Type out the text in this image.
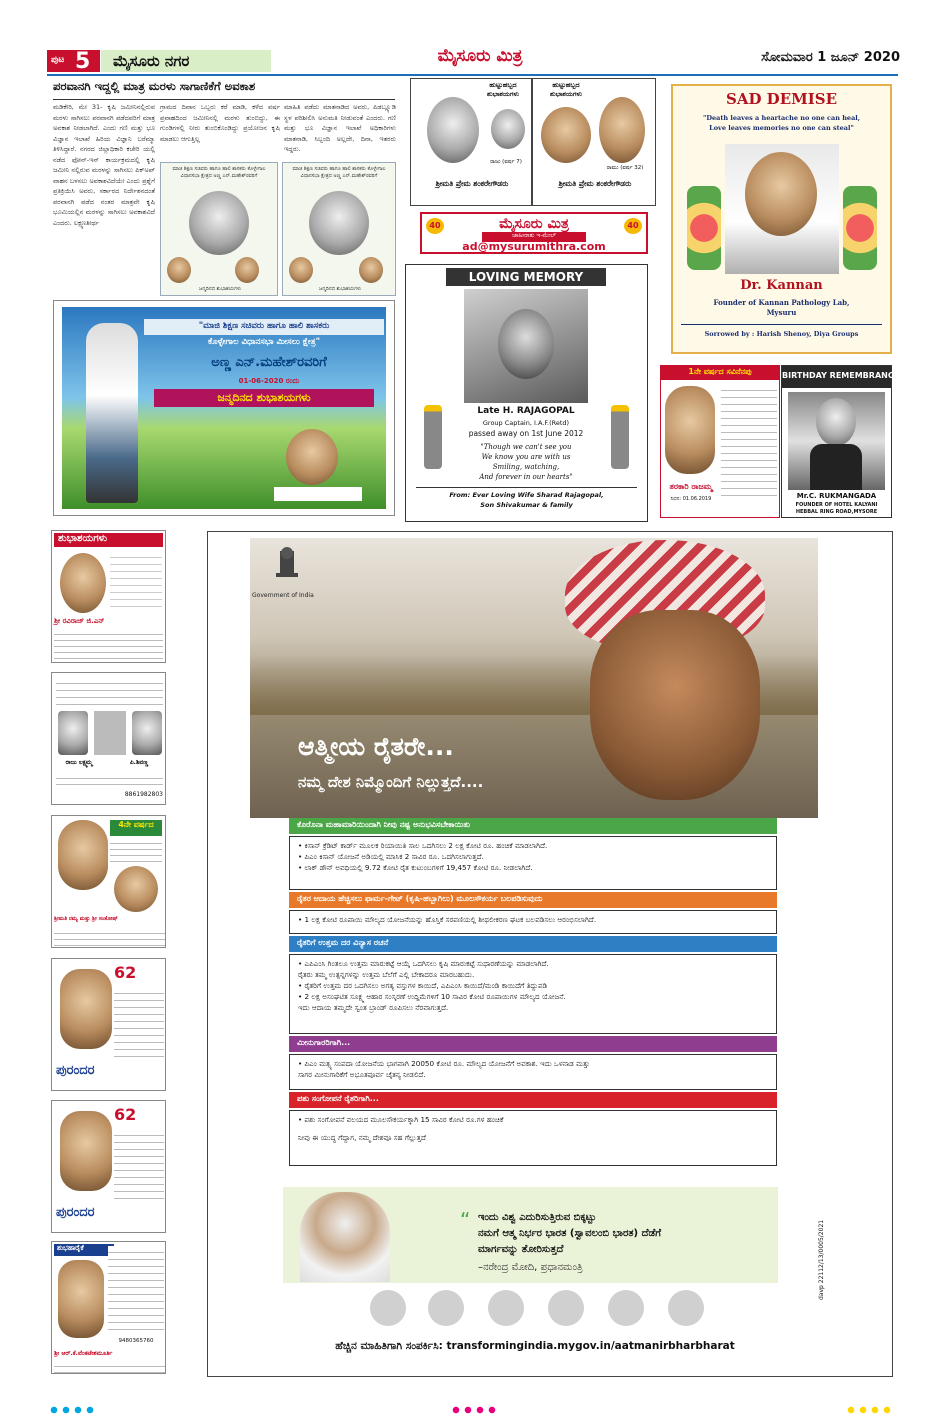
ಪುಟ 5	ಮೈಸೂರು ನಗರ	ಮೈಸೂರು ಮಿತ್ರ	ಸೋಮವಾರ 1 ಜೂನ್ 2020
ಪರವಾನಗಿ ಇದ್ದಲ್ಲಿ ಮಾತ್ರ ಮರಳು ಸಾಗಾಣಿಕೆಗೆ ಅವಕಾಶ
ಮಡಿಕೇರಿ, ಮೇ 31- ಕೃಷಿ ಜಮೀನಿನಲ್ಲಿರುವ ಮರಳು ಸಾಗಿಸಲು ಪರವಾನಗಿ ಪಡೆದವರಿಗೆ ಮಾತ್ರ ಅವಕಾಶ ನೀಡಲಾಗಿದೆ. ಎಂದು ಗಣಿ ಮತ್ತು ಭೂ ವಿಜ್ಞಾನ ಇಲಾಖೆ ಹಿರಿಯ ವಿಜ್ಞಾನಿ ಬರೆಮ್ಮಾ ತಿಳಿಸಿದ್ದಾರೆ. ನಗರದ ಜಿಲ್ಲಾಧಿಕಾರಿ ಕಚೇರಿ ಯಲ್ಲಿ ನಡೆದ ಫೋನ್-ಇನ್ ಕಾರ್ಯಕ್ರಮದಲ್ಲಿ ಕೃಷಿ ಜಮೀನಿ ನಲ್ಲಿರುವ ಮರಳನ್ನು ಸಾಗಿಸಲು ಪಿಕ್‌ಅಪ್ ವಾಹನ ಬಳಸಲು ಅವಕಾಶವಿದೆಯೇ ಎಂದು ಪ್ರಶ್ನೆಗೆ ಪ್ರತಿಕ್ರಿಯಿಸಿ ಅವರು, ಸರ್ಕಾರದ ನಿರ್ದೇಶನದಂತೆ ಪರವಾನಗಿ ಪಡೆದ ನಂತರ ಮಾತ್ರವೇ ಕೃಷಿ ಭೂಮಿಯಲ್ಲಿನ ಮರಳನ್ನು ಸಾಗಿಸಲು ಅವಕಾಶವಿದೆ ಎಂದರು. ಲಕ್ಷ್ಮಣತೀರ್ಥ
ಗ್ರಾಮದ ದಿವಾನ ಒಬ್ಬರು ಕರೆ ಮಾಡಿ, ಕಳೆದ ವರ್ಷ ಪ್ರವಾಹದಿಂದ ಜಮೀನಿನಲ್ಲಿ ಮರಳು ತುಂಬಿದ್ದು, ಈ ಗುಂಡಿಗಳಲ್ಲಿ ನೀರು ತುಂಬಿಕೊಂಡಿದ್ದು ಪ್ರಯೋಜನ ಕೃಷಿ ಮಾಡಲು ಆಗುತ್ತಿಲ್ಲ
ಮಾಹಿತಿ ಪಡೆದು ಮಾತನಾಡಿದ ಅವರು, ಪಿಡಬ್ಲ್ಯೂಡಿ ಸ್ಥಳ ಪರಿಶೀಲಿಸಿ ಅನುಮತಿ ನೀಡುವಂತೆ ಎಂದರು. ಗಣಿ ಮತ್ತು ಭೂ ವಿಜ್ಞಾನ ಇಲಾಖೆ ಅಧಿಕಾರಿಗಳು ಮಾತನಾಡಿ, ಸಿಬ್ಬಂದಿ ಅಲ್ಲದೇ, ದಿನಾ, ಇತರರು ಇದ್ದರು.
ಮಾಜಿ ಶಿಕ್ಷಣ ಸಚಿವರು ಹಾಗೂ ಹಾಲಿ ಶಾಸಕರು ಕೊಳ್ಳೇಗಾಲ ವಿಧಾನಸಭಾ ಕ್ಷೇತ್ರದ ಅಣ್ಣ ಎನ್.ಮಹೇಶ್‌ರವರಿಗೆ
ಜನ್ಮದಿನದ ಶುಭಾಶಯಗಳು
ಮಾಜಿ ಶಿಕ್ಷಣ ಸಚಿವರು ಹಾಗೂ ಹಾಲಿ ಶಾಸಕರು ಕೊಳ್ಳೇಗಾಲ ವಿಧಾನಸಭಾ ಕ್ಷೇತ್ರದ ಅಣ್ಣ ಎನ್.ಮಹೇಶ್‌ರವರಿಗೆ
ಜನ್ಮದಿನದ ಶುಭಾಶಯಗಳು
"ಮಾಜಿ ಶಿಕ್ಷಣ ಸಚಿವರು ಹಾಗೂ ಹಾಲಿ ಶಾಸಕರು
ಕೊಳ್ಳೇಗಾಲ ವಿಧಾನಸಭಾ ಮೀಸಲು ಕ್ಷೇತ್ರ"
ಅಣ್ಣ ಎನ್.ಮಹೇಶ್‌ರವರಿಗೆ
01-06-2020 ರಂದು
ಜನ್ಮದಿನದ ಶುಭಾಶಯಗಳು
ಹುಟ್ಟುಹಬ್ಬದ ಶುಭಾಶಯಗಳು
ರಾಜು (ವರ್ಷ 7)
ಶ್ರೀಮತಿ ಪ್ರೇಮ ಶಂಕರೇಗೌಡರು
ಹುಟ್ಟುಹಬ್ಬದ ಶುಭಾಶಯಗಳು
ರಾಮು (ವರ್ಷ 32)
ಶ್ರೀಮತಿ ಪ್ರೇಮ ಶಂಕರೇಗೌಡರು
40	ಮೈಸೂರು ಮಿತ್ರ	40
ಜಾಹೀರಾತು ಇ-ಮೇಲ್
ad@mysurumithra.com
LOVING MEMORY
Late H. RAJAGOPAL
Group Captain, I.A.F.(Retd)
passed away on 1st June 2012
"Though we can't see you
We know you are with us
Smiling, watching,
And forever in our hearts"
From: Ever Loving Wife Sharad Rajagopal,
Son Shivakumar & family
SAD DEMISE
"Death leaves a heartache no one can heal,
Love leaves memories no one can steal"
Dr. Kannan
Founder of Kannan Pathology Lab,
Mysuru
Sorrowed by : Harish Shenoy, Diya Groups
1ನೇ ವರ್ಷದ ಸವಿನೆನಪು
ತರಕಾರಿ ರಾಜಮ್ಮ
ನಿಧನ: 01.06.2019
BIRTHDAY REMEMBRANCE
Mr.C. RUKMANGADA
FOUNDER OF HOTEL KALYANI
HEBBAL RING ROAD,MYSORE
ಶುಭಾಶಯಗಳು
ಶ್ರೀ ರವಿರಾಜ್ ಜಿ.ಎನ್
ರಾಜು ಲಕ್ಷ್ಮಮ್ಮ	ಪಿ.ಶಿವಣ್ಣ
8861982803
4ನೇ ವರ್ಷದ
ಶ್ರೀಮತಿ ರಮ್ಯ ಮತ್ತು ಶ್ರೀ ಸಂತೋಷ್
62
ಪುರಂದರ
62
ಪುರಂದರ
ಶುಭಹಾರೈಕೆ
9480365760
ಶ್ರೀ ಆರ್.ಕೆ.ವೆಂಕಟೇಶಮೂರ್ತಿ
Government of India
ಆತ್ಮೀಯ ರೈತರೇ...
ನಮ್ಮ ದೇಶ ನಿಮ್ಮೊಂದಿಗೆ ನಿಲ್ಲುತ್ತದೆ....
ಕೊರೊನಾ ಮಹಾಮಾರಿಯಿಂದಾಗಿ ನೀವು ನಷ್ಟ ಅನುಭವಿಸಬೇಕಾಯಿತು
• ಕಿಸಾನ್ ಕ್ರೆಡಿಟ್ ಕಾರ್ಡ್ ಮೂಲಕ ರಿಯಾಯಿತಿ ಸಾಲ ಒದಗಿಸಲು 2 ಲಕ್ಷ ಕೋಟಿ ರೂ. ಹಂಚಿಕೆ ಮಾಡಲಾಗಿದೆ.
• ಪಿಎಂ ಕಿಸಾನ್ ಯೋಜನೆ ಅಡಿಯಲ್ಲಿ ಮಾಸಿಕ 2 ಸಾವಿರ ರೂ. ಒದಗಿಸಲಾಗುತ್ತದೆ.
• ಲಾಕ್ ಡೌನ್ ಅವಧಿಯಲ್ಲಿ 9.72 ಕೋಟಿ ರೈತ ಕುಟುಂಬಗಳಿಗೆ 19,457 ಕೋಟಿ ರೂ. ನೀಡಲಾಗಿದೆ.
ರೈತರ ಆದಾಯ ಹೆಚ್ಚಿಸಲು ಫಾರ್ಮ-ಗೇಟ್ (ಕೃಷಿ-ಹಬ್ಬಾಗಿಲು) ಮೂಲಸೌಕರ್ಯ ಬಲಪಡಿಸುವುದು
• 1 ಲಕ್ಷ ಕೋಟಿ ರೂಪಾಯಿ ಮೌಲ್ಯದ ಯೋಜನೆಯನ್ನು ಹೊಸ್ತಿಕೆ ಸರಪಣಿಯಲ್ಲಿ ಶೀಥಲೀಕರಣ ಘಟಕ ಬಲಪಡಿಸಲು ಆರಂಭಿಸಲಾಗಿದೆ.
ರೈತರಿಗೆ ಉತ್ತಮ ದರ ವಿನ್ಯಾಸ ರಚನೆ
• ಎಪಿಎಂಸಿ ಗಿಂತಲೂ ಉತ್ತಮ ಮಾರುಕಟ್ಟೆ ಆಯ್ಕೆ ಒದಗಿಸಲು ಕೃಷಿ ಮಾರುಕಟ್ಟೆ ಸುಧಾರಣೆಯನ್ನು ಮಾಡಲಾಗಿದೆ.
ರೈತರು ತಮ್ಮ ಉತ್ಪನ್ನಗಳನ್ನು ಉತ್ತಮ ಬೆಲೆಗೆ ಎಲ್ಲಿ ಬೇಕಾದರೂ ಮಾರಬಹುದು.
• ರೈತರಿಗೆ ಉತ್ತಮ ದರ ಒದಗಿಸಲು ಅಗತ್ಯ ವಸ್ತುಗಳ ಕಾಯಿದೆ, ಎಪಿಎಂಸಿ ಕಾಯಿದೆ/ಮಂಡಿ ಕಾಯಿದೆಗೆ ತಿದ್ದುಪಡಿ
• 2 ಲಕ್ಷ ಅಸಂಘಟಿತ ಸೂಕ್ಷ್ಮ ಆಹಾರ ಸಂಸ್ಕರಣೆ ಉದ್ದಿಮೆಗಳಿಗೆ 10 ಸಾವಿರ ಕೋಟಿ ರೂಪಾಯಿಗಳ ಮೌಲ್ಯದ ಯೋಜನೆ.
ಇದು ಆದಾಯ ತಮ್ಮದೇ ಸ್ವಂತ ಬ್ರಾಂಡ್ ರೂಪಿಸಲು ನೆರವಾಗುತ್ತದೆ.
ಮೀನುಗಾರರಿಗಾಗಿ...
• ಪಿಎಂ ಮತ್ಸ್ಯ ಸಂಪದಾ ಯೋಜನೆಯ ಭಾಗವಾಗಿ 20050 ಕೋಟಿ ರೂ. ಮೌಲ್ಯದ ಯೋಜನೆಗೆ ಅವಕಾಶ. ಇದು ಒಳನಾಡ ಮತ್ತು
ಸಾಗರ ಮೀನುಗಾರಿಕೆಗೆ ಅಭೂತಪೂರ್ವ ಚೈತನ್ಯ ನೀಡಲಿದೆ.
ಪಶು ಸಂಗೋಪನೆ ರೈತರಿಗಾಗಿ...
• ಪಶು ಸಂಗೋಪನೆ ವಲಯದ ಮೂಲಸೌಕರ್ಯಕ್ಕಾಗಿ 15 ಸಾವಿರ ಕೋಟಿ ರೂ.ಗಳ ಹಂಚಿಕೆ
ನೀವು ಈ ಯುದ್ಧ ಗೆದ್ದಾಗ, ನಮ್ಮ ದೇಶವೂ ಸಹ ಗೆಲ್ಲುತ್ತದೆ
“ ಇಂದು ವಿಶ್ವ ಎದುರಿಸುತ್ತಿರುವ ಬಿಕ್ಕಟ್ಟು
ನಮಗೆ ಆತ್ಮ ನಿರ್ಭರ ಭಾರತ (ಸ್ವಾವಲಂಬಿ ಭಾರತ) ದೆಡೆಗೆ
ಮಾರ್ಗವನ್ನು ತೋರಿಸುತ್ತದೆ
–ನರೇಂದ್ರ ಮೋದಿ, ಪ್ರಧಾನಮಂತ್ರಿ	davp 22112/13/0005/2021
ಹೆಚ್ಚಿನ ಮಾಹಿತಿಗಾಗಿ ಸಂಪರ್ಕಿಸಿ: transformingindia.mygov.in/aatmanirbharbharat
